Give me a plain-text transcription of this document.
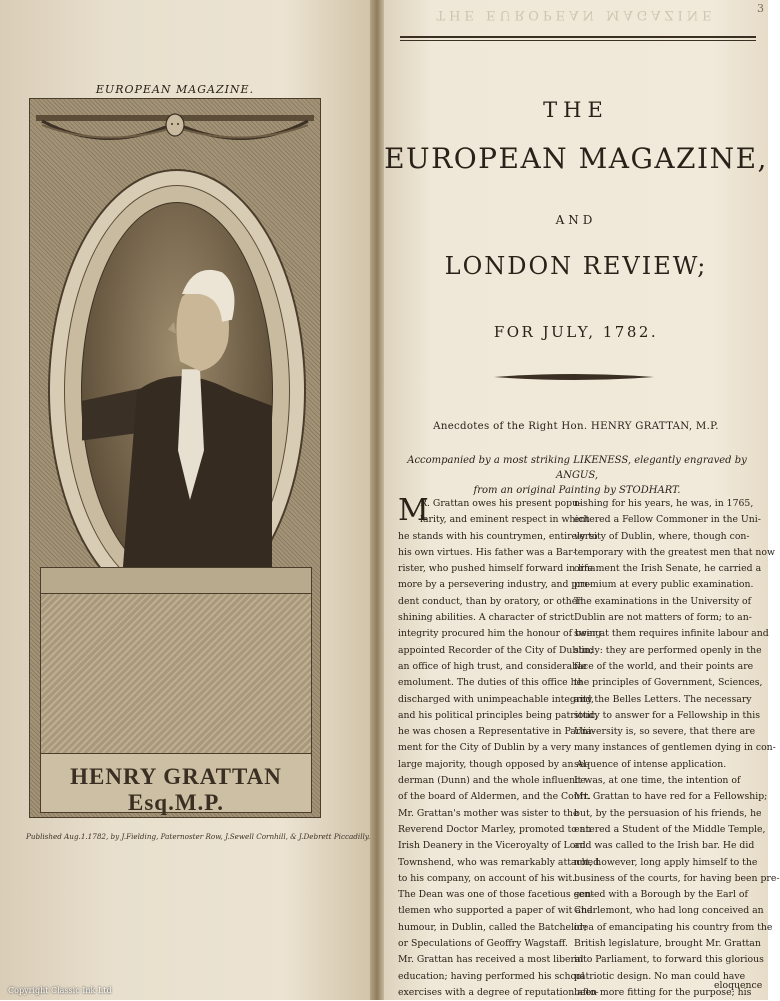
EUROPEAN MAGAZINE.
HENRY GRATTAN Esq.M.P.
Published Aug.1.1782, by J.Fielding, Paternoster Row, J.Sewell Cornhill, & J.Debrett Piccadilly.
Copyright Classic Ink Ltd
THE EUROPEAN MAGAZINE	3
THE
EUROPEAN MAGAZINE,
AND
LONDON REVIEW;
FOR JULY, 1782.
Anecdotes of the Right Hon. HENRY GRATTAN, M.P.
Accompanied by a most striking LIKENESS, elegantly engraved by ANGUS,
from an original Painting by STODHART.
M
R. Grattan owes his present popu-
larity, and eminent respect in which
he stands with his countrymen, entirely to
his own virtues. His father was a Bar-
rister, who pushed himself forward in life
more by a persevering industry, and pru-
dent conduct, than by oratory, or other
shining abilities. A character of strict
integrity procured him the honour of being
appointed Recorder of the City of Dublin;
an office of high trust, and considerable
emolument. The duties of this office he
discharged with unimpeachable integrity,
and his political principles being patriotic,
he was chosen a Representative in Parlia-
ment for the City of Dublin by a very
large majority, though opposed by an Al-
derman (Dunn) and the whole influence
of the board of Aldermen, and the Court.
Mr. Grattan's mother was sister to the
Reverend Doctor Marley, promoted to an
Irish Deanery in the Viceroyalty of Lord
Townshend, who was remarkably attached
to his company, on account of his wit.
The Dean was one of those facetious gen-
tlemen who supported a paper of wit and
humour, in Dublin, called the Batchelor;
or Speculations of Geoffry Wagstaff.
Mr. Grattan has received a most liberal
education; having performed his school
exercises with a degree of reputation afto-
nishing for his years, he was, in 1765,
entered a Fellow Commoner in the Uni-
versity of Dublin, where, though con-
temporary with the greatest men that now
ornament the Irish Senate, he carried a
premium at every public examination.
The examinations in the University of
Dublin are not matters of form; to an-
swer at them requires infinite labour and
study: they are performed openly in the
face of the world, and their points are
the principles of Government, Sciences,
and the Belles Letters. The necessary
study to answer for a Fellowship in this
University is, so severe, that there are
many instances of gentlemen dying in con-
sequence of intense application.
It was, at one time, the intention of
Mr. Grattan to have red for a Fellowship;
but, by the persuasion of his friends, he
entered a Student of the Middle Temple,
and was called to the Irish bar. He did
not, however, long apply himself to the
business of the courts, for having been pre-
sented with a Borough by the Earl of
Charlemont, who had long conceived an
idea of emancipating his country from the
British legislature, brought Mr. Grattan
into Parliament, to forward this glorious
patriotic design. No man could have
been more fitting for the purpose; his
eloquence
